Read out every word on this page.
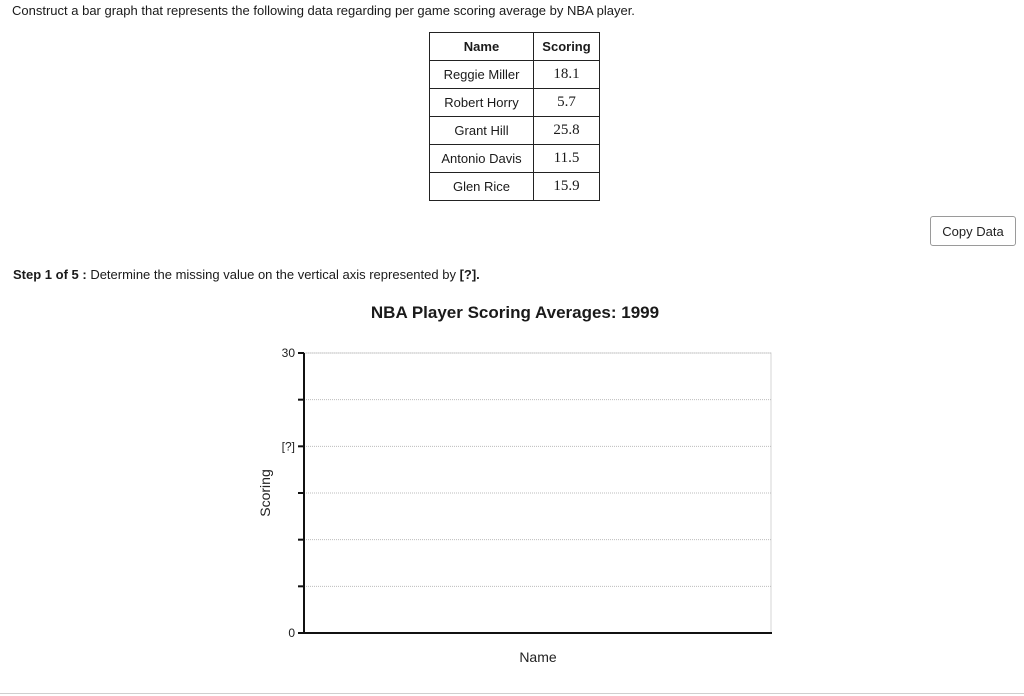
Construct a bar graph that represents the following data regarding per game scoring average by NBA player.
Name	Scoring
Reggie Miller	18.1
Robert Horry	5.7
Grant Hill	25.8
Antonio Davis	11.5
Glen Rice	15.9
Copy Data
Step 1 of 5 : Determine the missing value on the vertical axis represented by [?].
NBA Player Scoring Averages: 1999
30
[?]
0
Scoring
Name
